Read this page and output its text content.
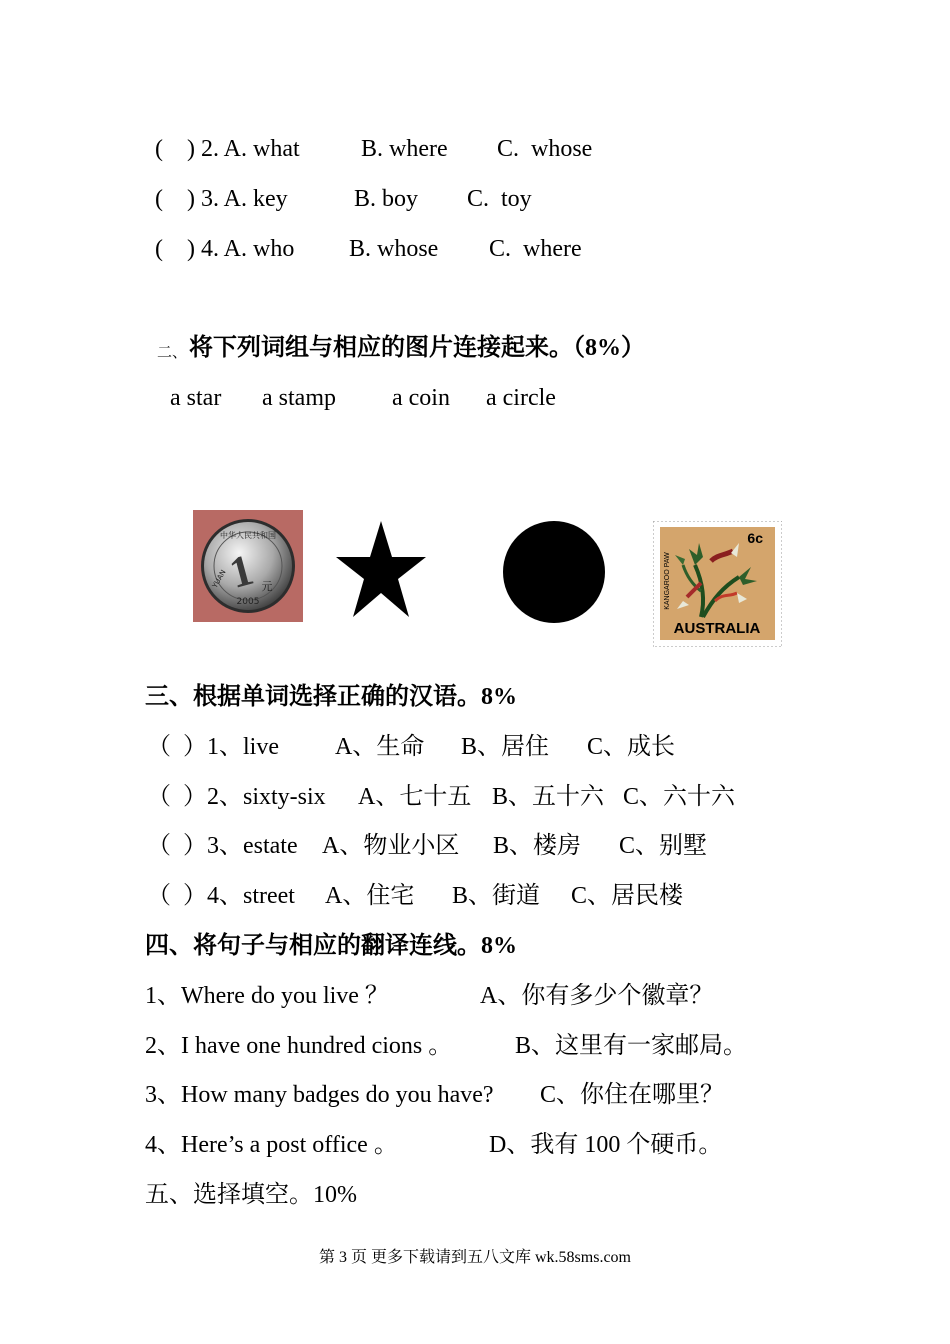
(    ) 2. A. what	B. where C.  whose
(    ) 3. A. key	B. boy C.  toy
(    ) 4. A. who B. whose C.  where
二、 将下列词组与相应的图片连接起来。（8%）
a star a stamp a coin a circle
中华人民共和国
1 元
YUAN
2005
6c
KANGAROO PAW
AUSTRALIA
三、根据单词选择正确的汉语。8%
（  ）1、live A、生命 B、居住 C、成长
（  ）2、sixty-six A、七十五 B、五十六 C、六十六
（  ）3、estate A、物业小区 B、楼房 C、别墅
（  ）4、street A、住宅 B、街道 C、居民楼
四、将句子与相应的翻译连线。8%
1、Where do you live ？	A、你有多少个徽章？
2、I have one hundred cions 。	B、这里有一家邮局。
3、How many badges do you have? C、你住在哪里？
4、Here’s a post office 。	D、我有 100 个硬币。
五、选择填空。10%
第 3 页 更多下载请到五八文库 wk.58sms.com
